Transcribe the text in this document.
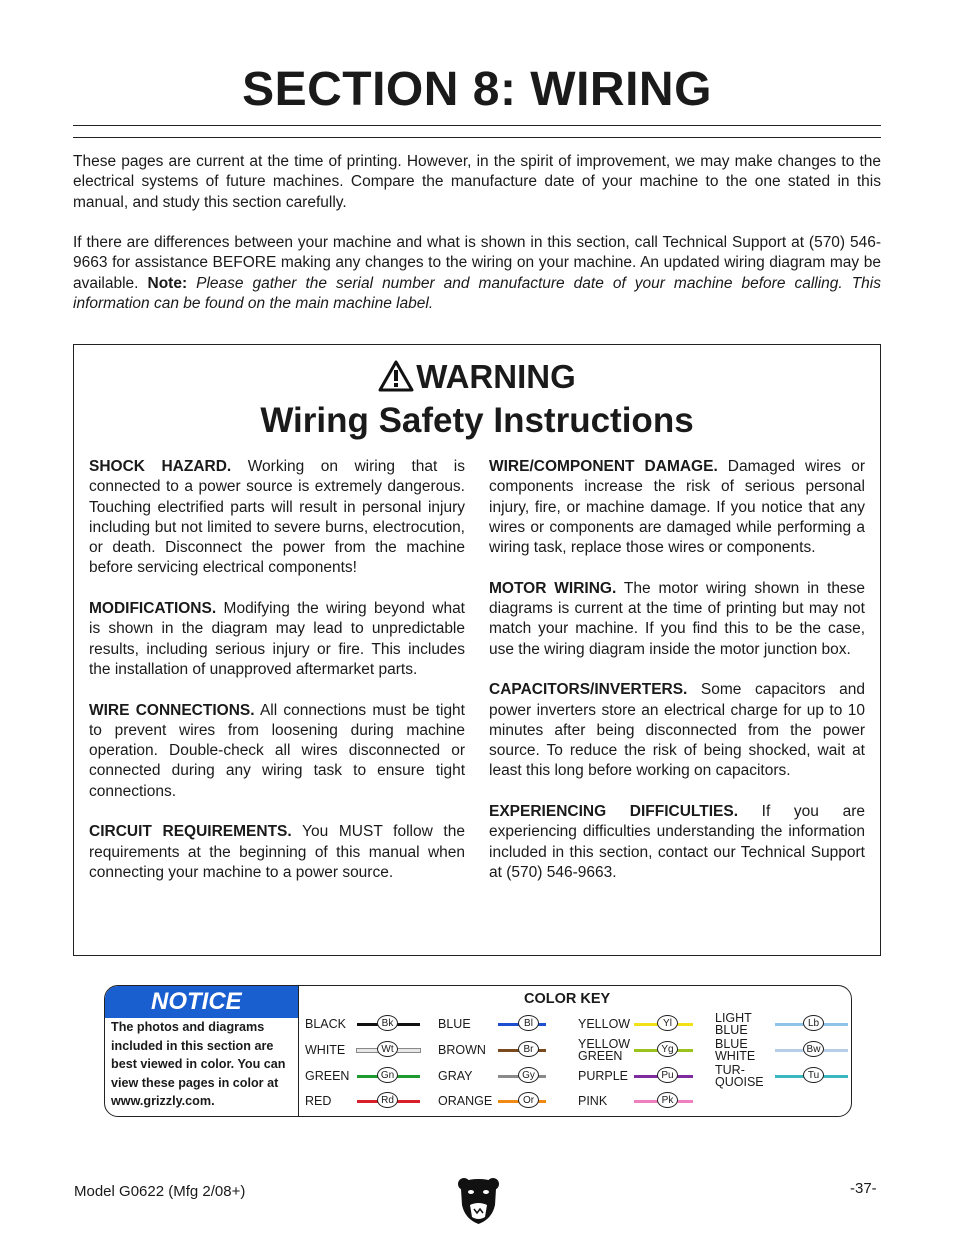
SECTION 8: WIRING

These pages are current at the time of printing. However, in the spirit of improvement, we may make changes to the electrical systems of future machines. Compare the manufacture date of your machine to the one stated in this manual, and study this section carefully.

If there are differences between your machine and what is shown in this section, call Technical Support at (570) 546-9663 for assistance BEFORE making any changes to the wiring on your machine. An updated wiring diagram may be available. Note: Please gather the serial number and manufacture date of your machine before calling. This information can be found on the main machine label.

WARNING
Wiring Safety Instructions

SHOCK HAZARD. Working on wiring that is connected to a power source is extremely dangerous. Touching electrified parts will result in personal injury including but not limited to severe burns, electrocution, or death. Disconnect the power from the machine before servicing electrical components!

MODIFICATIONS. Modifying the wiring beyond what is shown in the diagram may lead to unpredictable results, including serious injury or fire. This includes the installation of unapproved aftermarket parts.

WIRE CONNECTIONS. All connections must be tight to prevent wires from loosening during machine operation. Double-check all wires disconnected or connected during any wiring task to ensure tight connections.

CIRCUIT REQUIREMENTS. You MUST follow the requirements at the beginning of this manual when connecting your machine to a power source.

WIRE/COMPONENT DAMAGE. Damaged wires or components increase the risk of serious personal injury, fire, or machine damage. If you notice that any wires or components are damaged while performing a wiring task, replace those wires or components.

MOTOR WIRING. The motor wiring shown in these diagrams is current at the time of printing but may not match your machine. If you find this to be the case, use the wiring diagram inside the motor junction box.

CAPACITORS/INVERTERS. Some capacitors and power inverters store an electrical charge for up to 10 minutes after being disconnected from the power source. To reduce the risk of being shocked, wait at least this long before working on capacitors.

EXPERIENCING DIFFICULTIES. If you are experiencing difficulties understanding the information included in this section, contact our Technical Support at (570) 546-9663.

NOTICE
The photos and diagrams included in this section are best viewed in color. You can view these pages in color at www.grizzly.com.
COLOR KEY
BLACK	Bk
WHITE	Wt
GREEN	Gn
RED	Rd
BLUE	Bl
BROWN	Br
GRAY	Gy
ORANGE	Or
YELLOW	Yl
YELLOW
GREEN	Yg
PURPLE	Pu
PINK	Pk
LIGHT
BLUE	Lb
BLUE
WHITE	Bw
TUR-
QUOISE	Tu
Model G0622 (Mfg 2/08+)	-37-
